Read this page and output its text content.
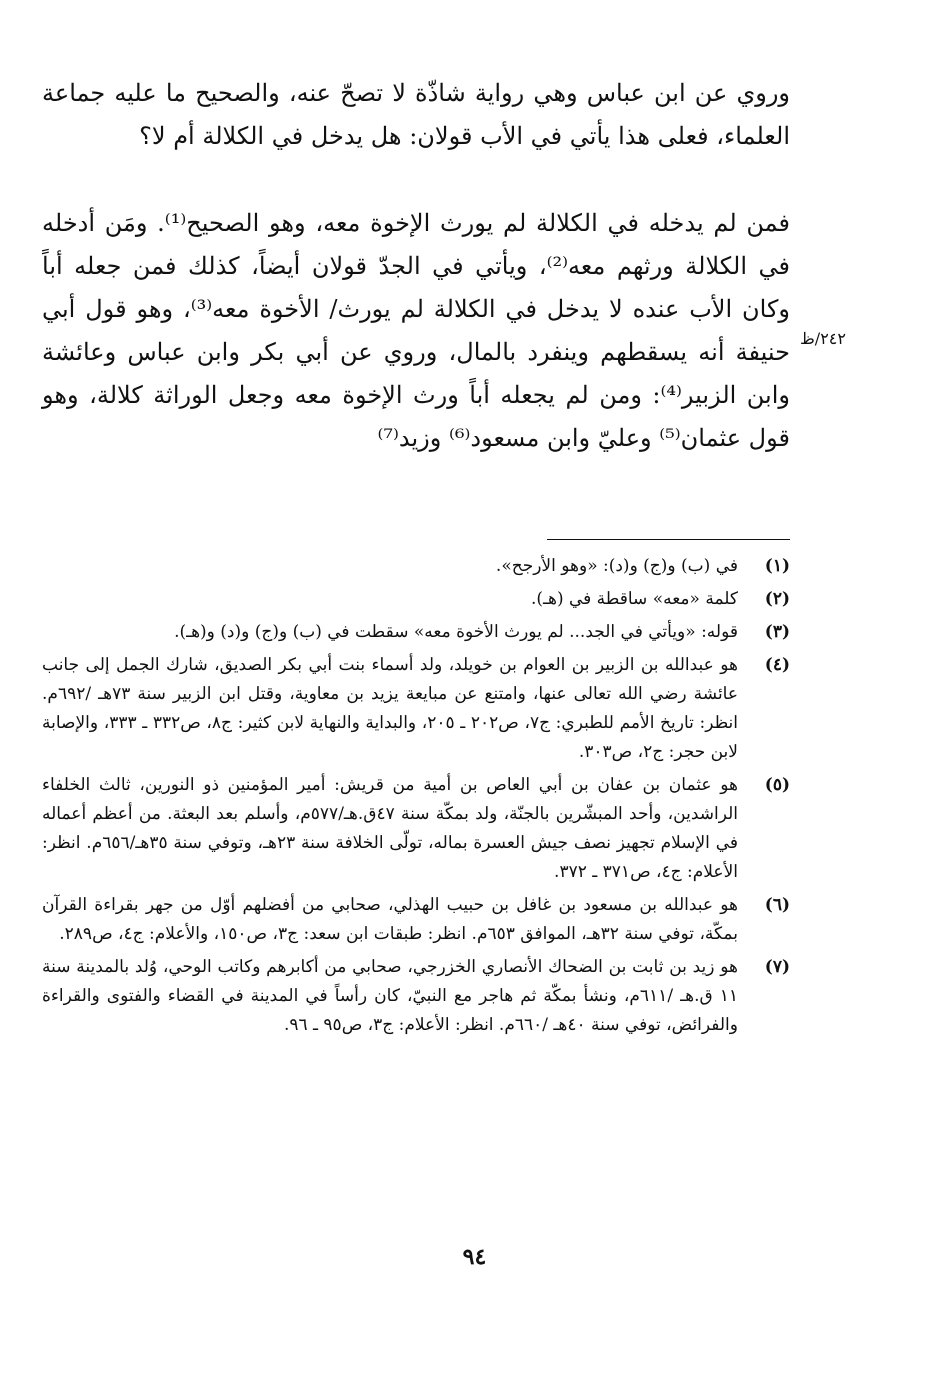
وروي عن ابن عباس وهي رواية شاذّة لا تصحّ عنه، والصحيح ما عليه جماعة العلماء، فعلى هذا يأتي في الأب قولان: هل يدخل في الكلالة أم لا؟

فمن لم يدخله في الكلالة لم يورث الإخوة معه، وهو الصحيح⁽¹⁾. ومَن أدخله في الكلالة ورثهم معه⁽²⁾، ويأتي في الجدّ قولان أيضاً، كذلك فمن جعله أباً وكان الأب عنده لا يدخل في الكلالة لم يورث/ الأخوة معه⁽³⁾، وهو قول أبي حنيفة أنه يسقطهم وينفرد بالمال، وروي عن أبي بكر وابن عباس وعائشة وابن الزبير⁽⁴⁾: ومن لم يجعله أباً ورث الإخوة معه وجعل الوراثة كلالة، وهو قول عثمان⁽⁵⁾ وعليّ وابن مسعود⁽⁶⁾ وزيد⁽⁷⁾

٢٤٢/ظ
(١)
في (ب) و(ج) و(د): «وهو الأرجح».
(٢)
كلمة «معه» ساقطة في (هـ).
(٣)
قوله: «ويأتي في الجد... لم يورث الأخوة معه» سقطت في (ب) و(ج) و(د) و(هـ).
(٤)
هو عبدالله بن الزبير بن العوام بن خويلد، ولد أسماء بنت أبي بكر الصديق، شارك الجمل إلى جانب عائشة رضي الله تعالى عنها، وامتنع عن مبايعة يزيد بن معاوية، وقتل ابن الزبير سنة ٧٣هـ /٦٩٢م. انظر: تاريخ الأمم للطبري: ج٧، ص٢٠٢ ـ ٢٠٥، والبداية والنهاية لابن كثير: ج٨، ص٣٣٢ ـ ٣٣٣، والإصابة لابن حجر: ج٢، ص٣٠٣.
(٥)
هو عثمان بن عفان بن أبي العاص بن أمية من قريش: أمير المؤمنين ذو النورين، ثالث الخلفاء الراشدين، وأحد المبشّرين بالجنّة، ولد بمكّة سنة ٤٧ق.هـ/٥٧٧م، وأسلم بعد البعثة. من أعظم أعماله في الإسلام تجهيز نصف جيش العسرة بماله، تولّى الخلافة سنة ٢٣هـ، وتوفي سنة ٣٥هـ/٦٥٦م. انظر: الأعلام: ج٤، ص٣٧١ ـ ٣٧٢.
(٦)
هو عبدالله بن مسعود بن غافل بن حبيب الهذلي، صحابي من أفضلهم أوّل من جهر بقراءة القرآن بمكّة، توفي سنة ٣٢هـ، الموافق ٦٥٣م. انظر: طبقات ابن سعد: ج٣، ص١٥٠، والأعلام: ج٤، ص٢٨٩.
(٧)
هو زيد بن ثابت بن الضحاك الأنصاري الخزرجي، صحابي من أكابرهم وكاتب الوحي، وُلد بالمدينة سنة ١١ ق.هـ /٦١١م، ونشأ بمكّة ثم هاجر مع النبيّ، كان رأساً في المدينة في القضاء والفتوى والقراءة والفرائض، توفي سنة ٤٠هـ /٦٦٠م. انظر: الأعلام: ج٣، ص٩٥ ـ ٩٦.
٩٤
